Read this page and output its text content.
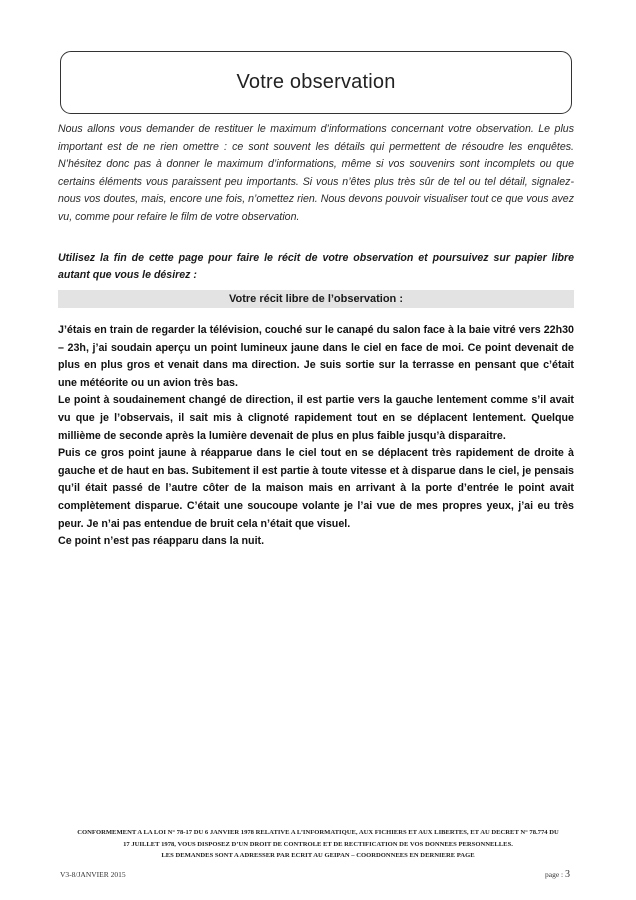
Votre observation

Nous allons vous demander de restituer le maximum d’informations concernant votre observation. Le plus important est de ne rien omettre : ce sont souvent les détails qui permettent de résoudre les enquêtes. N’hésitez donc pas à donner le maximum d’informations, même si vos souvenirs sont incomplets ou que certains éléments vous paraissent peu importants. Si vous n’êtes plus très sûr de tel ou tel détail, signalez-nous vos doutes, mais, encore une fois, n’omettez rien. Nous devons pouvoir visualiser tout ce que vous avez vu, comme pour refaire le film de votre observation.

Utilisez la fin de cette page pour faire le récit de votre observation et poursuivez sur papier libre autant que vous le désirez :

Votre récit libre de l’observation :

J’étais en train de regarder la télévision, couché sur le canapé du salon face à la baie vitré vers 22h30 – 23h, j’ai soudain aperçu un point lumineux jaune dans le ciel en face de moi. Ce point devenait de plus en plus gros et venait dans ma direction. Je suis sortie sur la terrasse en pensant que c’était une météorite ou un avion très bas.

Le point à soudainement changé de direction, il est partie vers la gauche lentement comme s’il avait vu que je l’observais, il sait mis à clignoté rapidement tout en se déplacent lentement. Quelque millième de seconde après la lumière devenait de plus en plus faible jusqu’à disparaitre.

Puis ce gros point jaune à réapparue dans le ciel tout en se déplacent très rapidement de droite à gauche et de haut en bas. Subitement il est partie à toute vitesse et à disparue dans le ciel, je pensais qu’il était passé de l’autre côter de la maison mais en arrivant à la porte d’entrée le point avait complètement disparue. C’était une soucoupe volante je l’ai vue de mes propres yeux, j’ai eu très peur. Je n’ai pas entendue de bruit cela n’était que visuel.

Ce point n’est pas réapparu dans la nuit.

CONFORMEMENT A LA LOI N° 78-17 DU 6 JANVIER 1978 RELATIVE A L’INFORMATIQUE, AUX FICHIERS ET AUX LIBERTES, ET AU DECRET N° 78.774 DU
17 JUILLET 1978, VOUS DISPOSEZ D’UN DROIT DE CONTROLE ET DE RECTIFICATION DE VOS DONNEES PERSONNELLES.
LES DEMANDES SONT A ADRESSER PAR ECRIT AU GEIPAN – COORDONNEES EN DERNIERE PAGE
V3-8/JANVIER 2015	page : 3
